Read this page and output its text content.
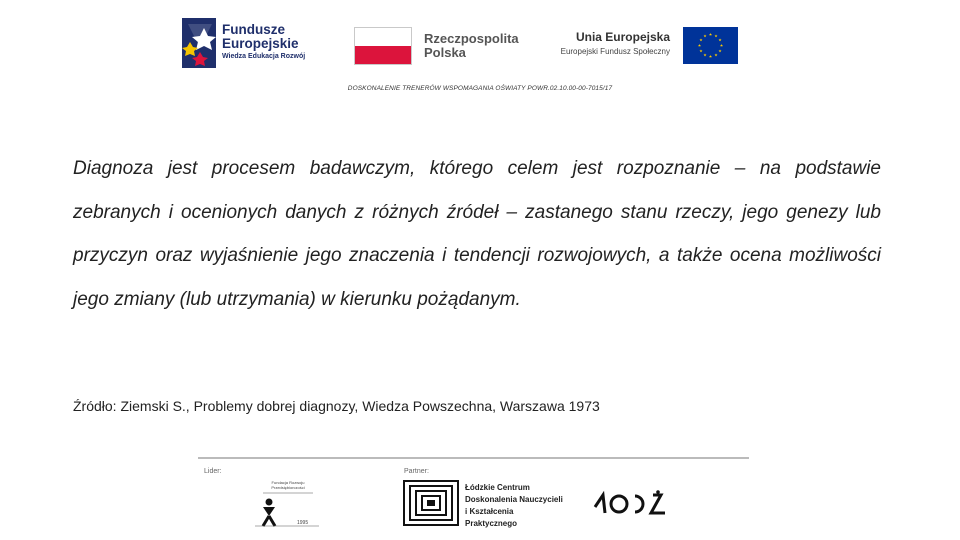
Fundusze
Europejskie
Wiedza Edukacja Rozwój
Rzeczpospolita
Polska
Unia Europejska
Europejski Fundusz Społeczny
DOSKONALENIE TRENERÓW WSPOMAGANIA OŚWIATY POWR.02.10.00-00-7015/17

Diagnoza jest procesem badawczym, którego celem jest rozpoznanie – na podstawie zebranych i ocenionych danych z różnych źródeł – zastanego stanu rzeczy, jego genezy lub przyczyn oraz wyjaśnienie jego znaczenia i tendencji rozwojowych, a także ocena możliwości jego zmiany (lub utrzymania) w kierunku pożądanym.

Źródło: Ziemski S., Problemy dobrej diagnozy, Wiedza Powszechna, Warszawa 1973
Lider:	Partner:
Fundacja Rozwoju Przedsiębiorczości
1995
Łódzkie Centrum
Doskonalenia Nauczycieli
i Kształcenia Praktycznego
